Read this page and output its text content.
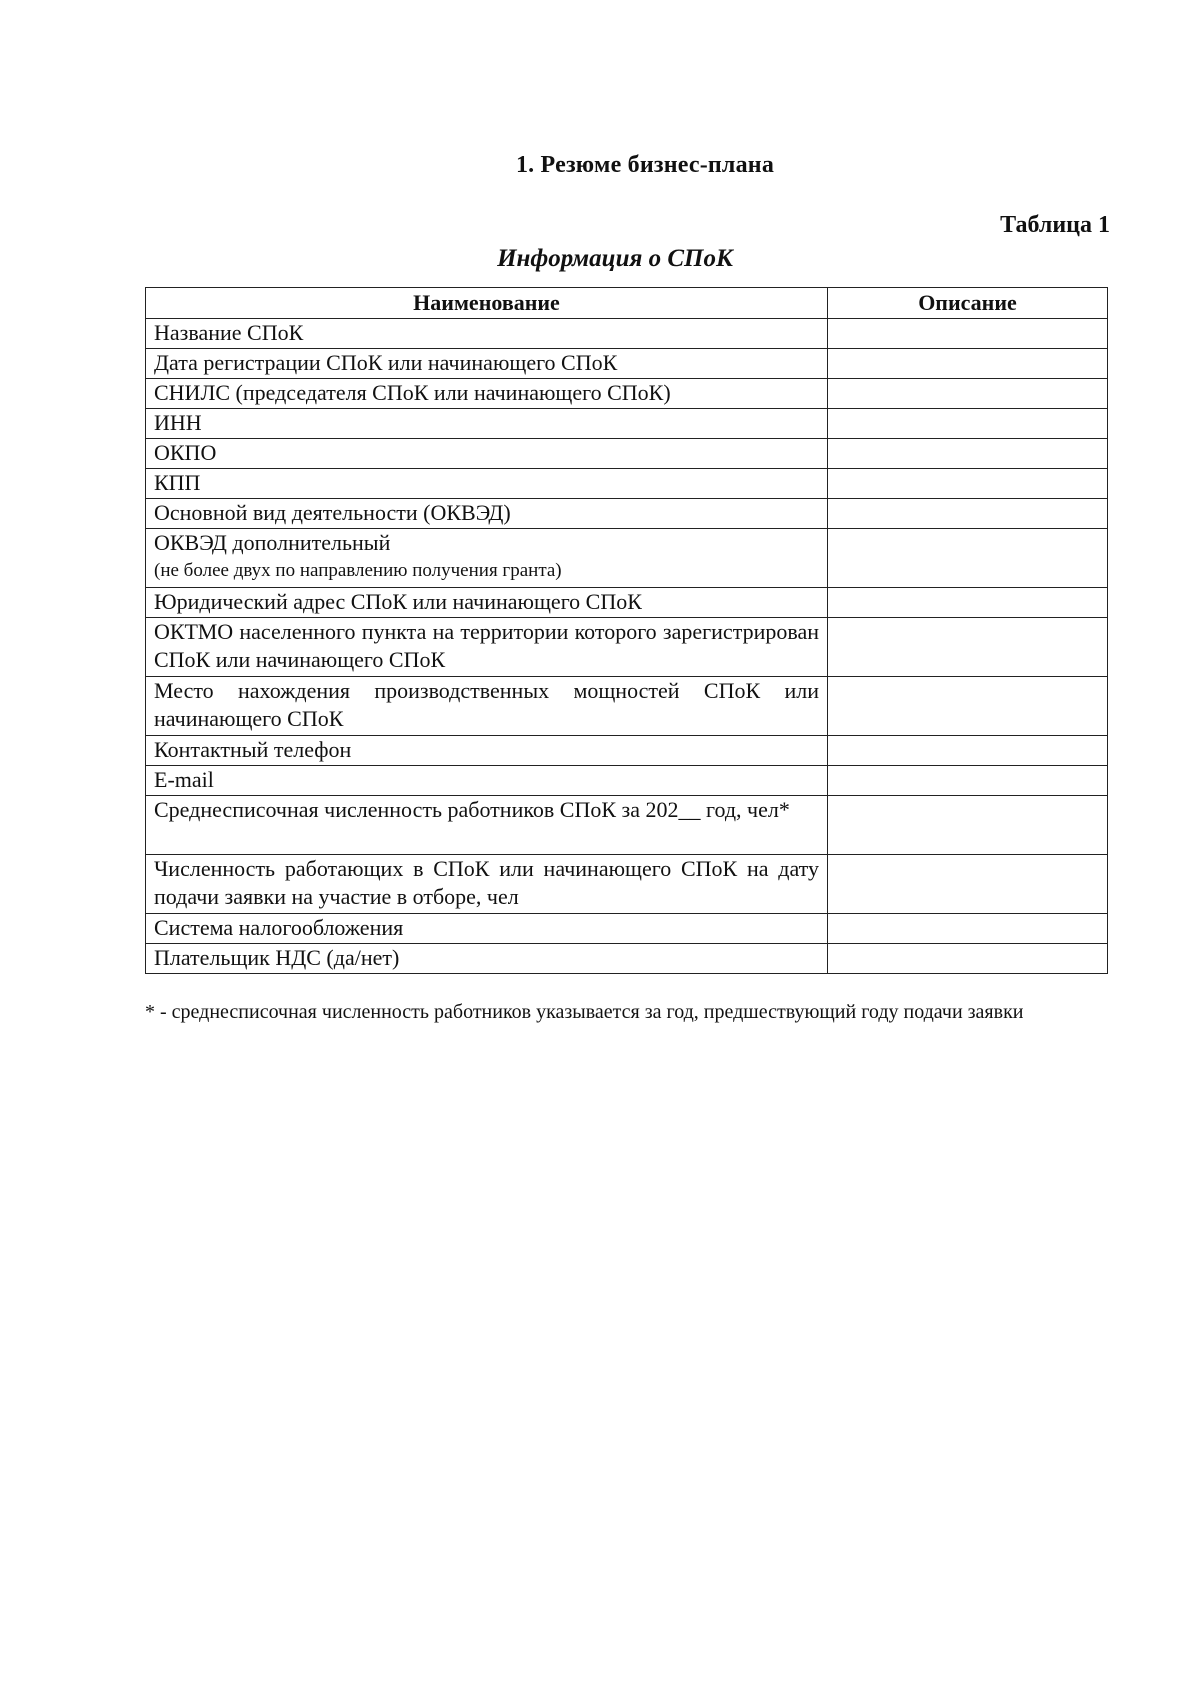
1. Резюме бизнес-плана
Таблица 1
Информация о СПоК
Наименование	Описание
Название СПоК	
Дата регистрации СПоК или начинающего СПоК	
СНИЛС (председателя СПоК или начинающего СПоК)	
ИНН	
ОКПО	
КПП	
Основной вид деятельности (ОКВЭД)	

ОКВЭД дополнительный
(не более двух по направлению получения гранта)	

Юридический адрес СПоК или начинающего СПоК	
ОКТМО населенного пункта на территории которого зарегистрирован СПоК или начинающего СПоК	
Место нахождения производственных мощностей СПоК или начинающего СПоК	
Контактный телефон	
E-mail	
Среднесписочная численность работников СПоК за 202__ год, чел*	
Численность работающих в СПоК или начинающего СПоК на дату подачи заявки на участие в отборе, чел	
Система налогообложения	
Плательщик НДС (да/нет)	
* - среднесписочная численность работников указывается за год, предшествующий году подачи заявки
